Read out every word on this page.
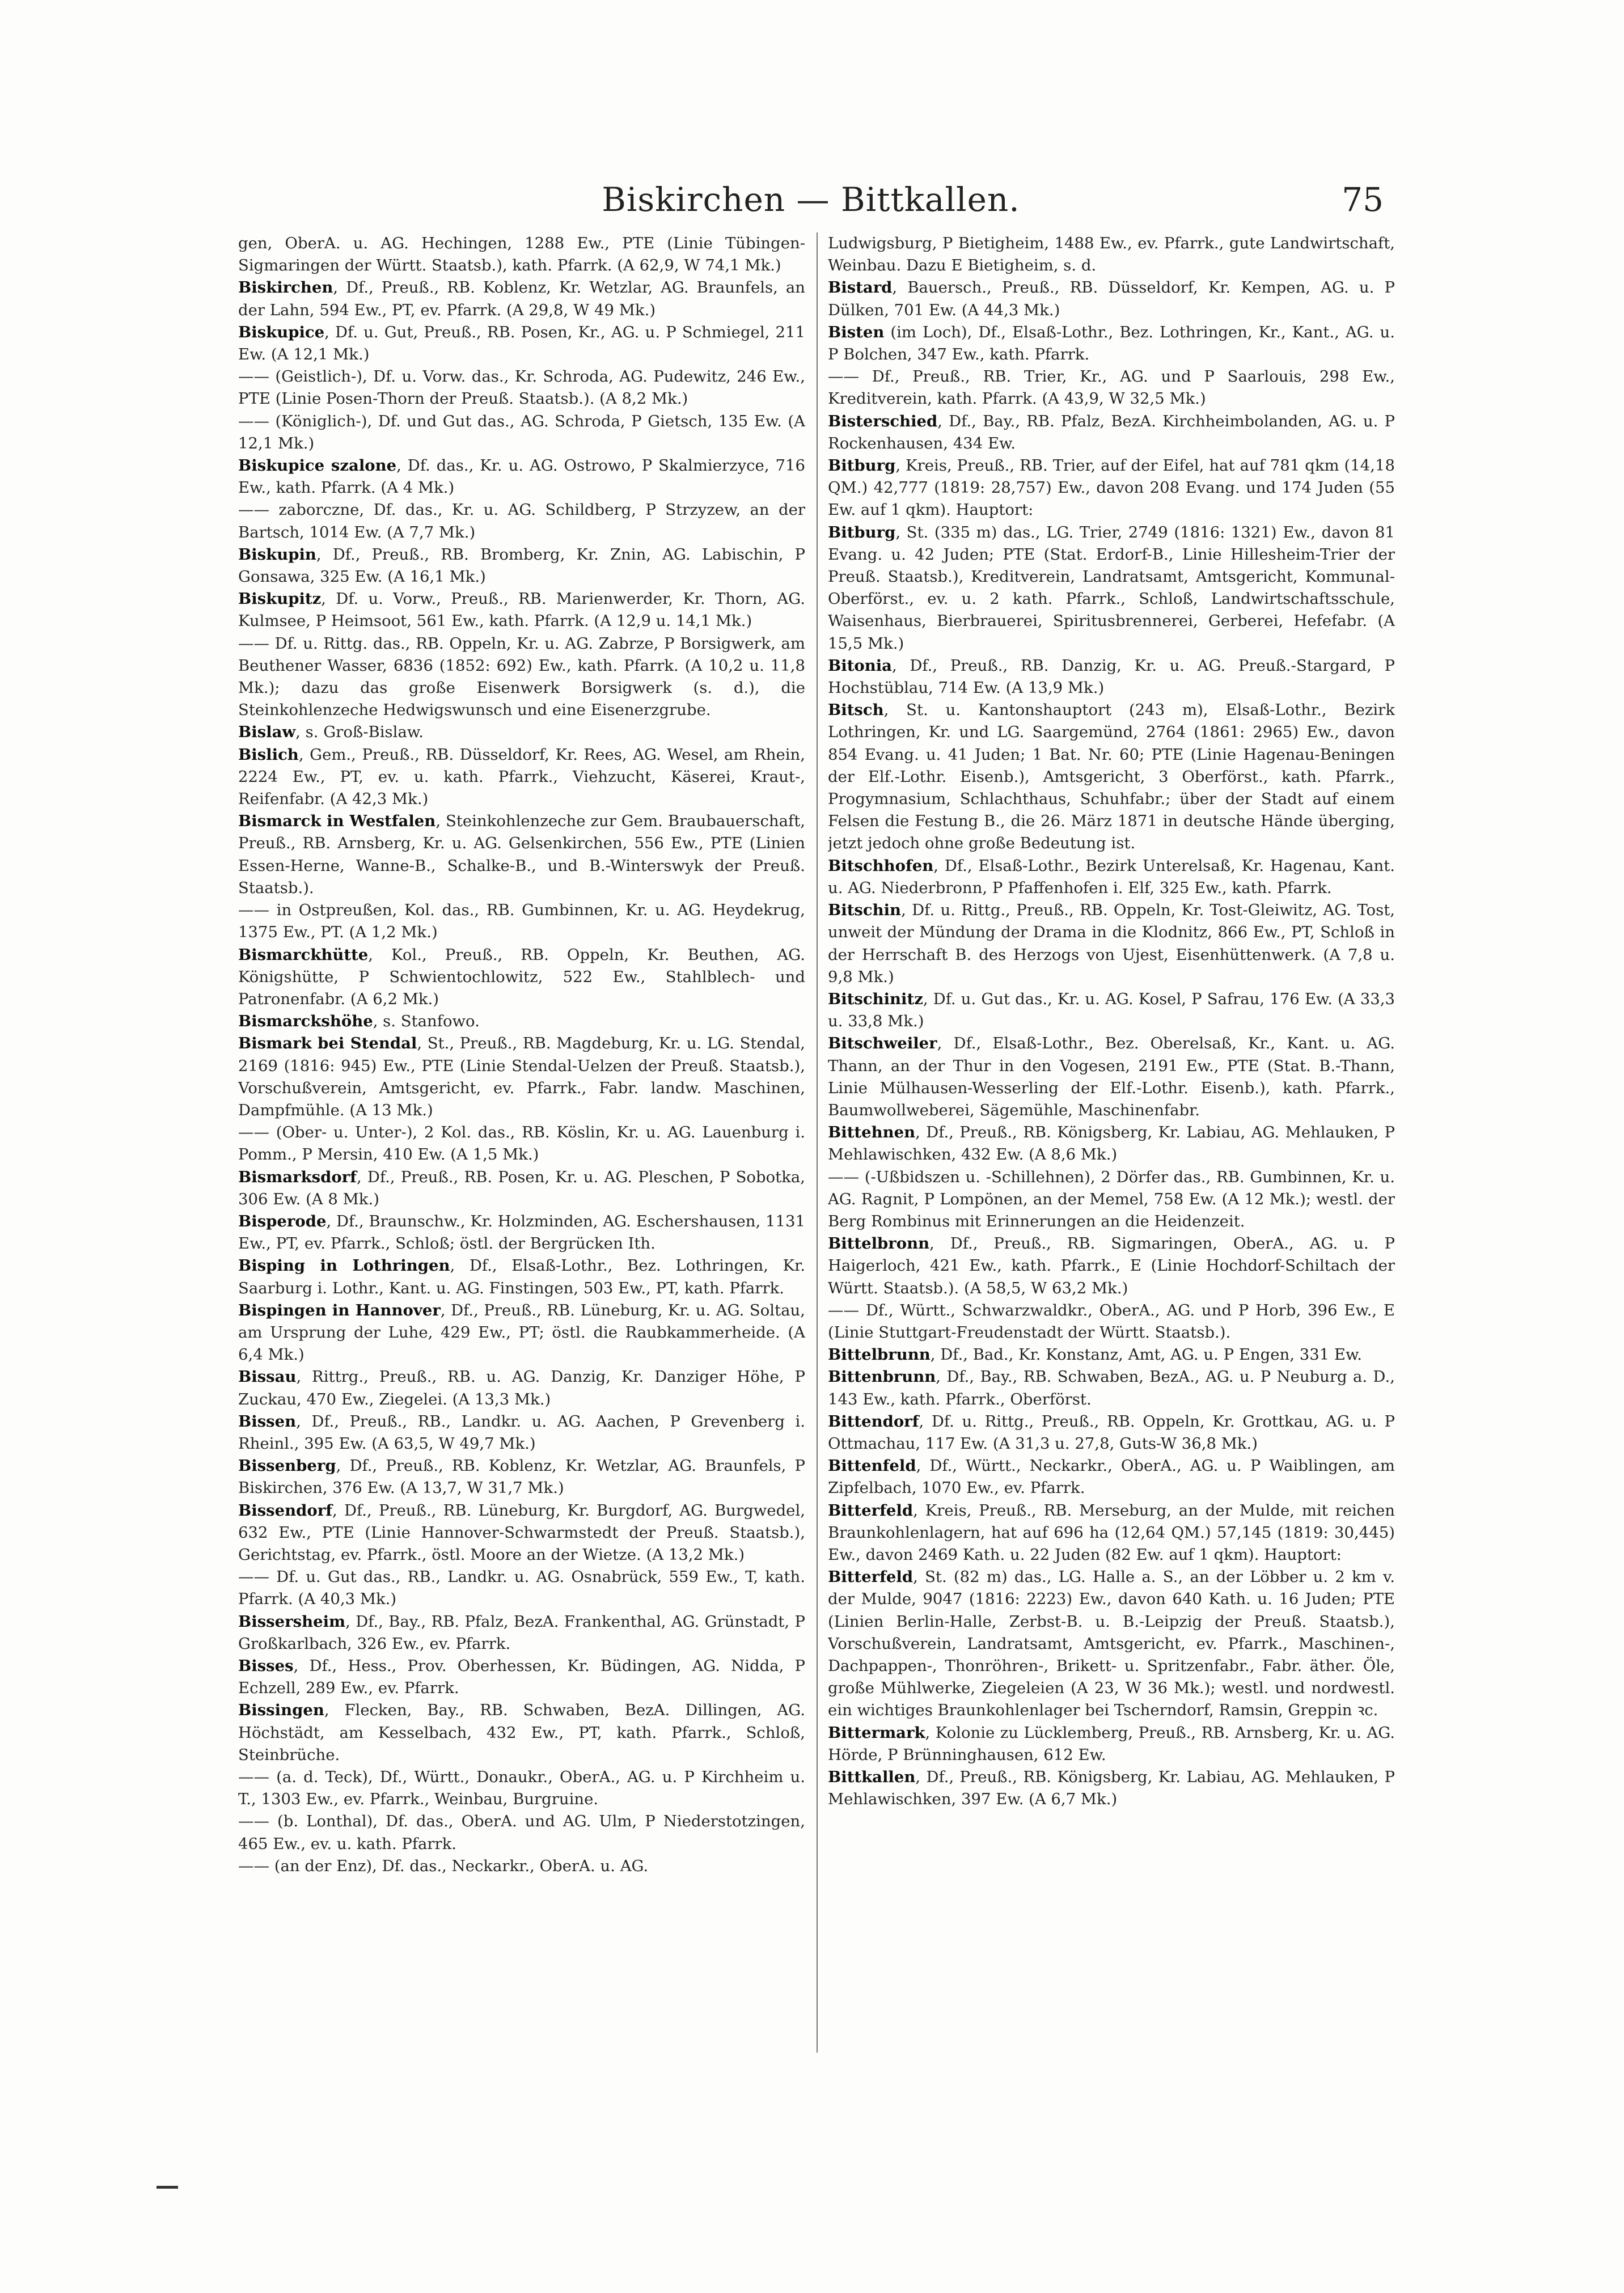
Biskirchen — Bittkallen.	75

gen, OberA. u. AG. Hechingen, 1288 Ew., PTE (Linie Tübingen-Sigmaringen der Württ. Staatsb.), kath. Pfarrk. (A 62,9, W 74,1 Mk.)

Biskirchen, Df., Preuß., RB. Koblenz, Kr. Wetzlar, AG. Braunfels, an der Lahn, 594 Ew., PT, ev. Pfarrk. (A 29,8, W 49 Mk.)

Biskupice, Df. u. Gut, Preuß., RB. Posen, Kr., AG. u. P Schmiegel, 211 Ew. (A 12,1 Mk.)

—— (Geistlich-), Df. u. Vorw. das., Kr. Schroda, AG. Pudewitz, 246 Ew., PTE (Linie Posen-Thorn der Preuß. Staatsb.). (A 8,2 Mk.)

—— (Königlich-), Df. und Gut das., AG. Schroda, P Gietsch, 135 Ew. (A 12,1 Mk.)

Biskupice szalone, Df. das., Kr. u. AG. Ostrowo, P Skalmierzyce, 716 Ew., kath. Pfarrk. (A 4 Mk.)

—— zaborczne, Df. das., Kr. u. AG. Schildberg, P Strzyzew, an der Bartsch, 1014 Ew. (A 7,7 Mk.)

Biskupin, Df., Preuß., RB. Bromberg, Kr. Znin, AG. Labischin, P Gonsawa, 325 Ew. (A 16,1 Mk.)

Biskupitz, Df. u. Vorw., Preuß., RB. Marienwerder, Kr. Thorn, AG. Kulmsee, P Heimsoot, 561 Ew., kath. Pfarrk. (A 12,9 u. 14,1 Mk.)

—— Df. u. Rittg. das., RB. Oppeln, Kr. u. AG. Zabrze, P Borsigwerk, am Beuthener Wasser, 6836 (1852: 692) Ew., kath. Pfarrk. (A 10,2 u. 11,8 Mk.); dazu das große Eisenwerk Borsigwerk (s. d.), die Steinkohlenzeche Hedwigswunsch und eine Eisenerzgrube.

Bislaw, s. Groß-Bislaw.

Bislich, Gem., Preuß., RB. Düsseldorf, Kr. Rees, AG. Wesel, am Rhein, 2224 Ew., PT, ev. u. kath. Pfarrk., Viehzucht, Käserei, Kraut-, Reifenfabr. (A 42,3 Mk.)

Bismarck in Westfalen, Steinkohlenzeche zur Gem. Braubauerschaft, Preuß., RB. Arnsberg, Kr. u. AG. Gelsenkirchen, 556 Ew., PTE (Linien Essen-Herne, Wanne-B., Schalke-B., und B.-Winterswyk der Preuß. Staatsb.).

—— in Ostpreußen, Kol. das., RB. Gumbinnen, Kr. u. AG. Heydekrug, 1375 Ew., PT. (A 1,2 Mk.)

Bismarckhütte, Kol., Preuß., RB. Oppeln, Kr. Beuthen, AG. Königshütte, P Schwientochlowitz, 522 Ew., Stahlblech- und Patronenfabr. (A 6,2 Mk.)

Bismarckshöhe, s. Stanfowo.

Bismark bei Stendal, St., Preuß., RB. Magdeburg, Kr. u. LG. Stendal, 2169 (1816: 945) Ew., PTE (Linie Stendal-Uelzen der Preuß. Staatsb.), Vorschußverein, Amtsgericht, ev. Pfarrk., Fabr. landw. Maschinen, Dampfmühle. (A 13 Mk.)

—— (Ober- u. Unter-), 2 Kol. das., RB. Köslin, Kr. u. AG. Lauenburg i. Pomm., P Mersin, 410 Ew. (A 1,5 Mk.)

Bismarksdorf, Df., Preuß., RB. Posen, Kr. u. AG. Pleschen, P Sobotka, 306 Ew. (A 8 Mk.)

Bisperode, Df., Braunschw., Kr. Holzminden, AG. Eschershausen, 1131 Ew., PT, ev. Pfarrk., Schloß; östl. der Bergrücken Ith.

Bisping in Lothringen, Df., Elsaß-Lothr., Bez. Lothringen, Kr. Saarburg i. Lothr., Kant. u. AG. Finstingen, 503 Ew., PT, kath. Pfarrk.

Bispingen in Hannover, Df., Preuß., RB. Lüneburg, Kr. u. AG. Soltau, am Ursprung der Luhe, 429 Ew., PT; östl. die Raubkammerheide. (A 6,4 Mk.)

Bissau, Rittrg., Preuß., RB. u. AG. Danzig, Kr. Danziger Höhe, P Zuckau, 470 Ew., Ziegelei. (A 13,3 Mk.)

Bissen, Df., Preuß., RB., Landkr. u. AG. Aachen, P Grevenberg i. Rheinl., 395 Ew. (A 63,5, W 49,7 Mk.)

Bissenberg, Df., Preuß., RB. Koblenz, Kr. Wetzlar, AG. Braunfels, P Biskirchen, 376 Ew. (A 13,7, W 31,7 Mk.)

Bissendorf, Df., Preuß., RB. Lüneburg, Kr. Burgdorf, AG. Burgwedel, 632 Ew., PTE (Linie Hannover-Schwarmstedt der Preuß. Staatsb.), Gerichtstag, ev. Pfarrk., östl. Moore an der Wietze. (A 13,2 Mk.)

—— Df. u. Gut das., RB., Landkr. u. AG. Osnabrück, 559 Ew., T, kath. Pfarrk. (A 40,3 Mk.)

Bissersheim, Df., Bay., RB. Pfalz, BezA. Frankenthal, AG. Grünstadt, P Großkarlbach, 326 Ew., ev. Pfarrk.

Bisses, Df., Hess., Prov. Oberhessen, Kr. Büdingen, AG. Nidda, P Echzell, 289 Ew., ev. Pfarrk.

Bissingen, Flecken, Bay., RB. Schwaben, BezA. Dillingen, AG. Höchstädt, am Kesselbach, 432 Ew., PT, kath. Pfarrk., Schloß, Steinbrüche.

—— (a. d. Teck), Df., Württ., Donaukr., OberA., AG. u. P Kirchheim u. T., 1303 Ew., ev. Pfarrk., Weinbau, Burgruine.

—— (b. Lonthal), Df. das., OberA. und AG. Ulm, P Niederstotzingen, 465 Ew., ev. u. kath. Pfarrk.

—— (an der Enz), Df. das., Neckarkr., OberA. u. AG.

Ludwigsburg, P Bietigheim, 1488 Ew., ev. Pfarrk., gute Landwirtschaft, Weinbau. Dazu E Bietigheim, s. d.

Bistard, Bauersch., Preuß., RB. Düsseldorf, Kr. Kempen, AG. u. P Dülken, 701 Ew. (A 44,3 Mk.)

Bisten (im Loch), Df., Elsaß-Lothr., Bez. Lothringen, Kr., Kant., AG. u. P Bolchen, 347 Ew., kath. Pfarrk.

—— Df., Preuß., RB. Trier, Kr., AG. und P Saarlouis, 298 Ew., Kreditverein, kath. Pfarrk. (A 43,9, W 32,5 Mk.)

Bisterschied, Df., Bay., RB. Pfalz, BezA. Kirchheimbolanden, AG. u. P Rockenhausen, 434 Ew.

Bitburg, Kreis, Preuß., RB. Trier, auf der Eifel, hat auf 781 qkm (14,18 QM.) 42,777 (1819: 28,757) Ew., davon 208 Evang. und 174 Juden (55 Ew. auf 1 qkm). Hauptort:

Bitburg, St. (335 m) das., LG. Trier, 2749 (1816: 1321) Ew., davon 81 Evang. u. 42 Juden; PTE (Stat. Erdorf-B., Linie Hillesheim-Trier der Preuß. Staatsb.), Kreditverein, Landratsamt, Amtsgericht, Kommunal-Oberförst., ev. u. 2 kath. Pfarrk., Schloß, Landwirtschaftsschule, Waisenhaus, Bierbrauerei, Spiritusbrennerei, Gerberei, Hefefabr. (A 15,5 Mk.)

Bitonia, Df., Preuß., RB. Danzig, Kr. u. AG. Preuß.-Stargard, P Hochstüblau, 714 Ew. (A 13,9 Mk.)

Bitsch, St. u. Kantonshauptort (243 m), Elsaß-Lothr., Bezirk Lothringen, Kr. und LG. Saargemünd, 2764 (1861: 2965) Ew., davon 854 Evang. u. 41 Juden; 1 Bat. Nr. 60; PTE (Linie Hagenau-Beningen der Elf.-Lothr. Eisenb.), Amtsgericht, 3 Oberförst., kath. Pfarrk., Progymnasium, Schlachthaus, Schuhfabr.; über der Stadt auf einem Felsen die Festung B., die 26. März 1871 in deutsche Hände überging, jetzt jedoch ohne große Bedeutung ist.

Bitschhofen, Df., Elsaß-Lothr., Bezirk Unterelsaß, Kr. Hagenau, Kant. u. AG. Niederbronn, P Pfaffenhofen i. Elf, 325 Ew., kath. Pfarrk.

Bitschin, Df. u. Rittg., Preuß., RB. Oppeln, Kr. Tost-Gleiwitz, AG. Tost, unweit der Mündung der Drama in die Klodnitz, 866 Ew., PT, Schloß in der Herrschaft B. des Herzogs von Ujest, Eisenhüttenwerk. (A 7,8 u. 9,8 Mk.)

Bitschinitz, Df. u. Gut das., Kr. u. AG. Kosel, P Safrau, 176 Ew. (A 33,3 u. 33,8 Mk.)

Bitschweiler, Df., Elsaß-Lothr., Bez. Oberelsaß, Kr., Kant. u. AG. Thann, an der Thur in den Vogesen, 2191 Ew., PTE (Stat. B.-Thann, Linie Mülhausen-Wesserling der Elf.-Lothr. Eisenb.), kath. Pfarrk., Baumwollweberei, Sägemühle, Maschinenfabr.

Bittehnen, Df., Preuß., RB. Königsberg, Kr. Labiau, AG. Mehlauken, P Mehlawischken, 432 Ew. (A 8,6 Mk.)

—— (-Ußbidszen u. -Schillehnen), 2 Dörfer das., RB. Gumbinnen, Kr. u. AG. Ragnit, P Lompönen, an der Memel, 758 Ew. (A 12 Mk.); westl. der Berg Rombinus mit Erinnerungen an die Heidenzeit.

Bittelbronn, Df., Preuß., RB. Sigmaringen, OberA., AG. u. P Haigerloch, 421 Ew., kath. Pfarrk., E (Linie Hochdorf-Schiltach der Württ. Staatsb.). (A 58,5, W 63,2 Mk.)

—— Df., Württ., Schwarzwaldkr., OberA., AG. und P Horb, 396 Ew., E (Linie Stuttgart-Freudenstadt der Württ. Staatsb.).

Bittelbrunn, Df., Bad., Kr. Konstanz, Amt, AG. u. P Engen, 331 Ew.

Bittenbrunn, Df., Bay., RB. Schwaben, BezA., AG. u. P Neuburg a. D., 143 Ew., kath. Pfarrk., Oberförst.

Bittendorf, Df. u. Rittg., Preuß., RB. Oppeln, Kr. Grottkau, AG. u. P Ottmachau, 117 Ew. (A 31,3 u. 27,8, Guts-W 36,8 Mk.)

Bittenfeld, Df., Württ., Neckarkr., OberA., AG. u. P Waiblingen, am Zipfelbach, 1070 Ew., ev. Pfarrk.

Bitterfeld, Kreis, Preuß., RB. Merseburg, an der Mulde, mit reichen Braunkohlenlagern, hat auf 696 ha (12,64 QM.) 57,145 (1819: 30,445) Ew., davon 2469 Kath. u. 22 Juden (82 Ew. auf 1 qkm). Hauptort:

Bitterfeld, St. (82 m) das., LG. Halle a. S., an der Löbber u. 2 km v. der Mulde, 9047 (1816: 2223) Ew., davon 640 Kath. u. 16 Juden; PTE (Linien Berlin-Halle, Zerbst-B. u. B.-Leipzig der Preuß. Staatsb.), Vorschußverein, Landratsamt, Amtsgericht, ev. Pfarrk., Maschinen-, Dachpappen-, Thonröhren-, Brikett- u. Spritzenfabr., Fabr. äther. Öle, große Mühlwerke, Ziegeleien (A 23, W 36 Mk.); westl. und nordwestl. ein wichtiges Braunkohlenlager bei Tscherndorf, Ramsin, Greppin ꝛc.

Bittermark, Kolonie zu Lücklemberg, Preuß., RB. Arnsberg, Kr. u. AG. Hörde, P Brünninghausen, 612 Ew.

Bittkallen, Df., Preuß., RB. Königsberg, Kr. Labiau, AG. Mehlauken, P Mehlawischken, 397 Ew. (A 6,7 Mk.)
